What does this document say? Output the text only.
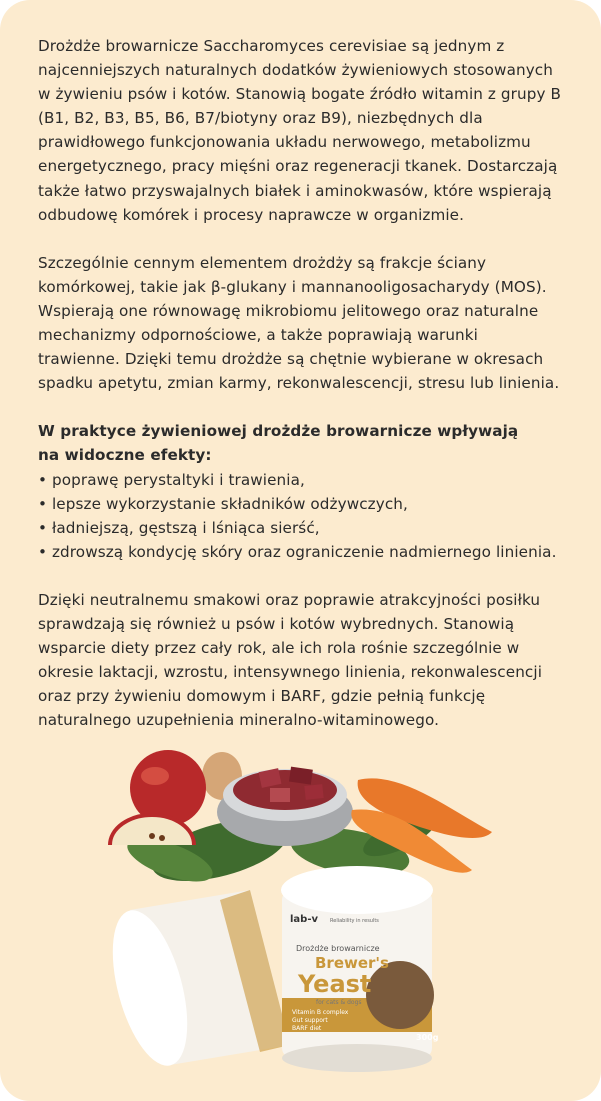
Drożdże browarnicze Saccharomyces cerevisiae są jednym z
najcenniejszych naturalnych dodatków żywieniowych stosowanych
w żywieniu psów i kotów. Stanowią bogate źródło witamin z grupy B
(B1, B2, B3, B5, B6, B7/biotyny oraz B9), niezbędnych dla
prawidłowego funkcjonowania układu nerwowego, metabolizmu
energetycznego, pracy mięśni oraz regeneracji tkanek. Dostarczają
także łatwo przyswajalnych białek i aminokwasów, które wspierają
odbudowę komórek i procesy naprawcze w organizmie.
Szczególnie cennym elementem drożdży są frakcje ściany
komórkowej, takie jak β-glukany i mannanooligosacharydy (MOS).
Wspierają one równowagę mikrobiomu jelitowego oraz naturalne
mechanizmy odpornościowe, a także poprawiają warunki
trawienne. Dzięki temu drożdże są chętnie wybierane w okresach
spadku apetytu, zmian karmy, rekonwalescencji, stresu lub linienia.
W praktyce żywieniowej drożdże browarnicze wpływają
na widoczne efekty:
• poprawę perystaltyki i trawienia,
• lepsze wykorzystanie składników odżywczych,
• ładniejszą, gęstszą i lśniąca sierść,
• zdrowszą kondycję skóry oraz ograniczenie nadmiernego linienia.
Dzięki neutralnemu smakowi oraz poprawie atrakcyjności posiłku
sprawdzają się również u psów i kotów wybrednych. Stanowią
wsparcie diety przez cały rok, ale ich rola rośnie szczególnie w
okresie laktacji, wzrostu, intensywnego linienia, rekonwalescencji
oraz przy żywieniu domowym i BARF, gdzie pełnią funkcję
naturalnego uzupełnienia mineralno-witaminowego.
lab-v Reliability in results
Drożdże browarnicze
Brewer's
Yeast
for cats & dogs
Vitamin B complex
Gut support
BARF diet
300g
